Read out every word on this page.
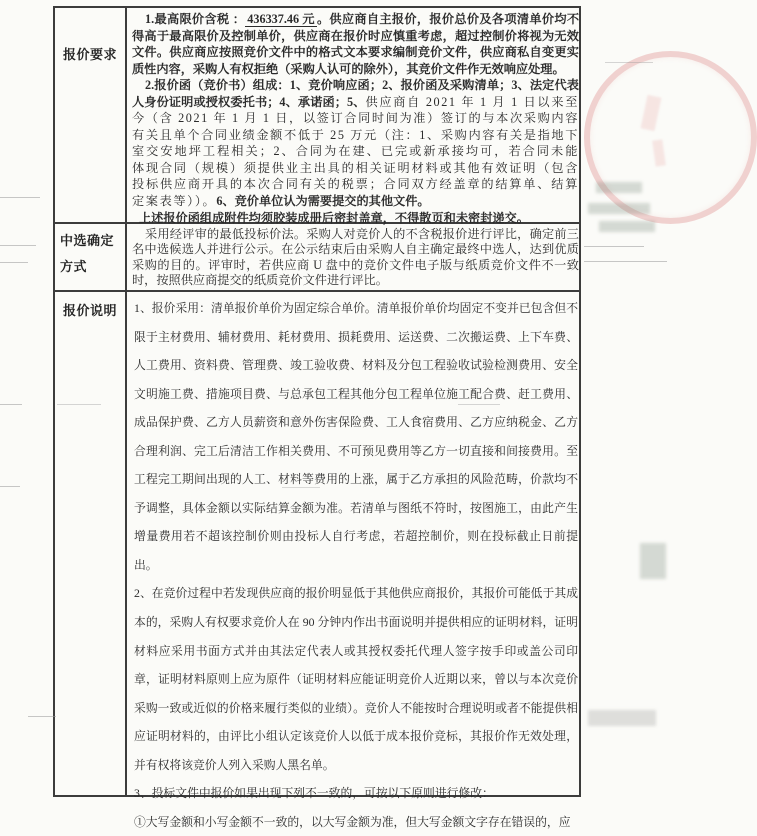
报价要求

1.最高限价含税 ： 436337.46 元 。供应商自主报价，报价总价及各项清单价均不得高于最高限价及控制单价，供应商在报价时应慎重考虑，超过控制价将视为无效文件。供应商应按照竞价文件中的格式文本要求编制竞价文件，供应商私自变更实质性内容，采购人有权拒绝（采购人认可的除外），其竞价文件作无效响应处理。

2.报价函（竞价书）组成：1、竞价响应函；2、报价函及采购清单；3、法定代表人身份证明或授权委托书；4、承诺函；5、供应商自 2021 年 1 月 1 日以来至今（含 2021 年 1 月 1 日，以签订合同时间为准）签订的与本次采购内容有关且单个合同业绩金额不低于 25 万元（注：1、采购内容有关是指地下室交安地坪工程相关；2、合同为在建、已完或新承接均可，若合同未能体现合同（规模）须提供业主出具的相关证明材料或其他有效证明（包含投标供应商开具的本次合同有关的税票；合同双方经盖章的结算单、结算定案表等））。6、竞价单位认为需要提交的其他文件。

上述报价函组成附件均须胶装成册后密封盖章，不得散页和未密封递交。

中选确定方式

采用经评审的最低投标价法。采购人对竞价人的不含税报价进行评比，确定前三名中选候选人并进行公示。在公示结束后由采购人自主确定最终中选人，达到优质采购的目的。评审时，若供应商 U 盘中的竞价文件电子版与纸质竞价文件不一致时，按照供应商提交的纸质竞价文件进行评比。

报价说明	1、报价采用：清单报价单价为固定综合单价。清单报价单价均固定不变并已包含但不限于主材费用、辅材费用、耗材费用、损耗费用、运送费、二次搬运费、上下车费、人工费用、资料费、管理费、竣工验收费、材料及分包工程验收试验检测费用、安全文明施工费、措施项目费、与总承包工程其他分包工程单位施工配合费、赶工费用、成品保护费、乙方人员薪资和意外伤害保险费、工人食宿费用、乙方应纳税金、乙方合理利润、完工后清洁工作相关费用、不可预见费用等乙方一切直接和间接费用。至工程完工期间出现的人工、材料等费用的上涨，属于乙方承担的风险范畴，价款均不予调整，具体金额以实际结算金额为准。若清单与图纸不符时，按图施工，由此产生增量费用若不超该控制价则由投标人自行考虑，若超控制价，则在投标截止日前提出。

2、在竞价过程中若发现供应商的报价明显低于其他供应商报价，其报价可能低于其成本的，采购人有权要求竞价人在 90 分钟内作出书面说明并提供相应的证明材料，证明材料应采用书面方式并由其法定代表人或其授权委托代理人签字按手印或盖公司印章，证明材料原则上应为原件（证明材料应能证明竞价人近期以来，曾以与本次竞价采购一致或近似的价格来履行类似的业绩）。竞价人不能按时合理说明或者不能提供相应证明材料的，由评比小组认定该竞价人以低于成本报价竞标，其报价作无效处理，并有权将该竞价人列入采购人黑名单。

3、投标文件中报价如果出现下列不一致的，可按以下原则进行修改：

①大写金额和小写金额不一致的，以大写金额为准，但大写金额文字存在错误的，应
